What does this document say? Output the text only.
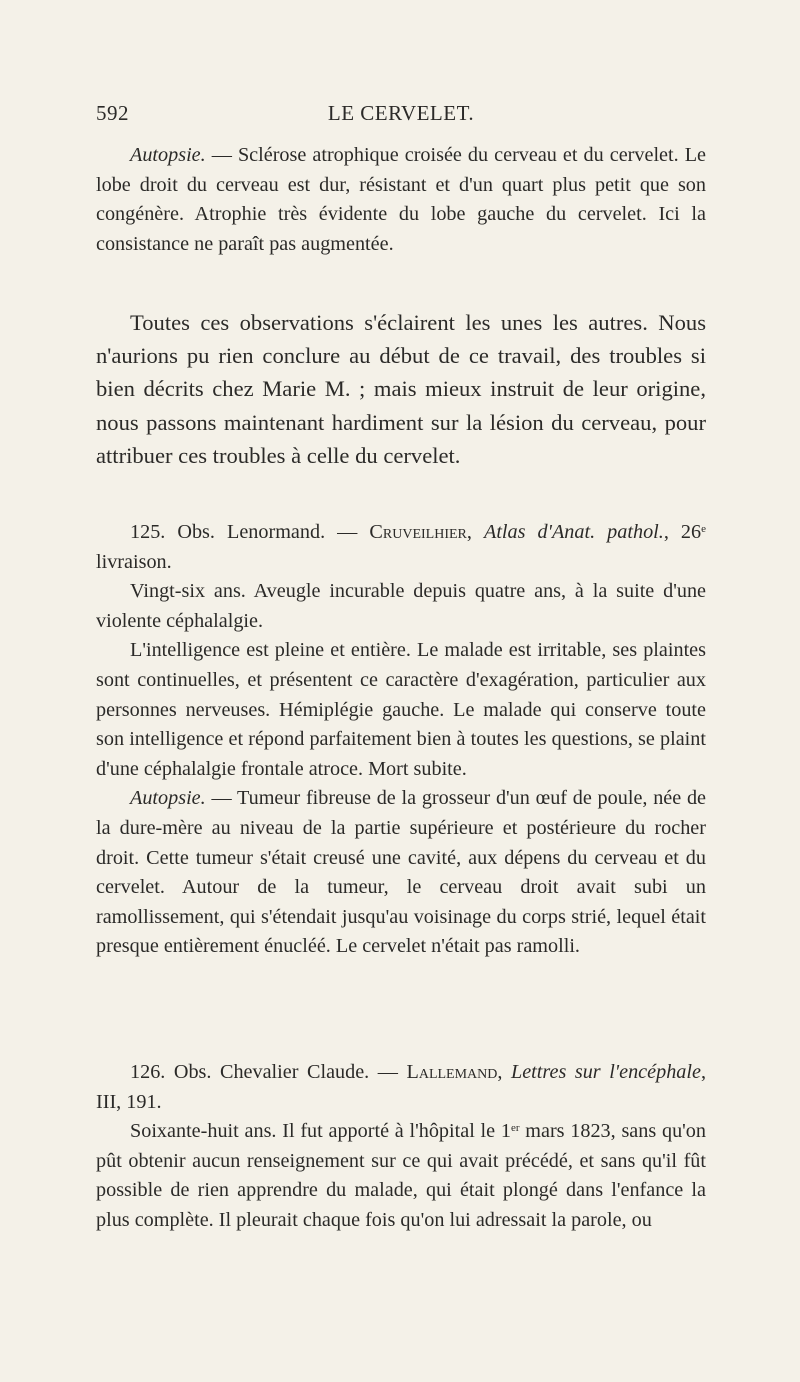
592	LE CERVELET.

Autopsie. — Sclérose atrophique croisée du cerveau et du cervelet. Le lobe droit du cerveau est dur, résistant et d'un quart plus petit que son congénère. Atrophie très évidente du lobe gauche du cervelet. Ici la consistance ne paraît pas augmentée.

Toutes ces observations s'éclairent les unes les autres. Nous n'aurions pu rien conclure au début de ce travail, des troubles si bien décrits chez Marie M. ; mais mieux instruit de leur origine, nous passons maintenant hardiment sur la lésion du cerveau, pour attribuer ces troubles à celle du cervelet.

125. Obs. Lenormand. — Cruveilhier, Atlas d'Anat. pathol., 26e livraison.

Vingt-six ans. Aveugle incurable depuis quatre ans, à la suite d'une violente céphalalgie.

L'intelligence est pleine et entière. Le malade est irritable, ses plaintes sont continuelles, et présentent ce caractère d'exagération, particulier aux personnes nerveuses. Hémiplégie gauche. Le malade qui conserve toute son intelligence et répond parfaitement bien à toutes les questions, se plaint d'une céphalalgie frontale atroce. Mort subite.

Autopsie. — Tumeur fibreuse de la grosseur d'un œuf de poule, née de la dure-mère au niveau de la partie supérieure et postérieure du rocher droit. Cette tumeur s'était creusé une cavité, aux dépens du cerveau et du cervelet. Autour de la tumeur, le cerveau droit avait subi un ramollissement, qui s'étendait jusqu'au voisinage du corps strié, lequel était presque entièrement énucléé. Le cervelet n'était pas ramolli.

126. Obs. Chevalier Claude. — Lallemand, Lettres sur l'encéphale, III, 191.

Soixante-huit ans. Il fut apporté à l'hôpital le 1er mars 1823, sans qu'on pût obtenir aucun renseignement sur ce qui avait précédé, et sans qu'il fût possible de rien apprendre du malade, qui était plongé dans l'enfance la plus complète. Il pleurait chaque fois qu'on lui adressait la parole, ou
